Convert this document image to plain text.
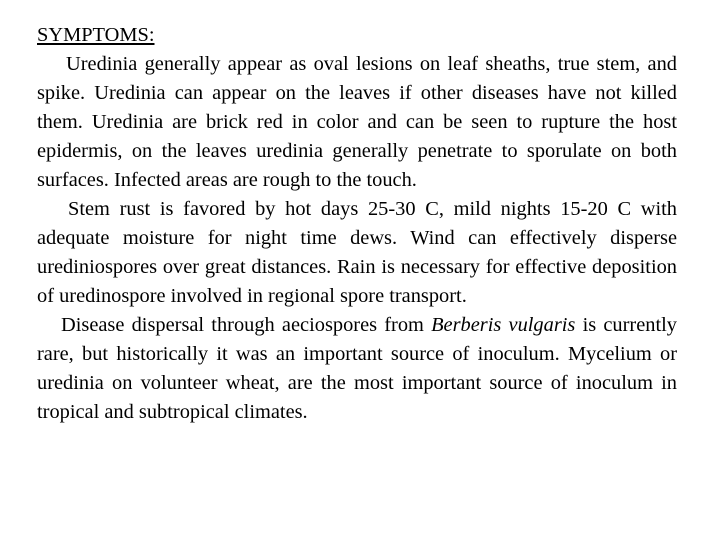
SYMPTOMS:

Uredinia generally appear as oval lesions on leaf sheaths, true stem, and spike. Uredinia can appear on the leaves if other diseases have not killed them. Uredinia are brick red in color and can be seen to rupture the host epidermis, on the leaves uredinia generally penetrate to sporulate on both surfaces. Infected areas are rough to the touch.

Stem rust is favored by hot days 25-30 C, mild nights 15-20 C with adequate moisture for night time dews. Wind can effectively disperse urediniospores over great distances. Rain is necessary for effective deposition of uredinospore involved in regional spore transport.

Disease dispersal through aeciospores from Berberis vulgaris is currently rare, but historically it was an important source of inoculum. Mycelium or uredinia on volunteer wheat, are the most important source of inoculum in tropical and subtropical climates.
